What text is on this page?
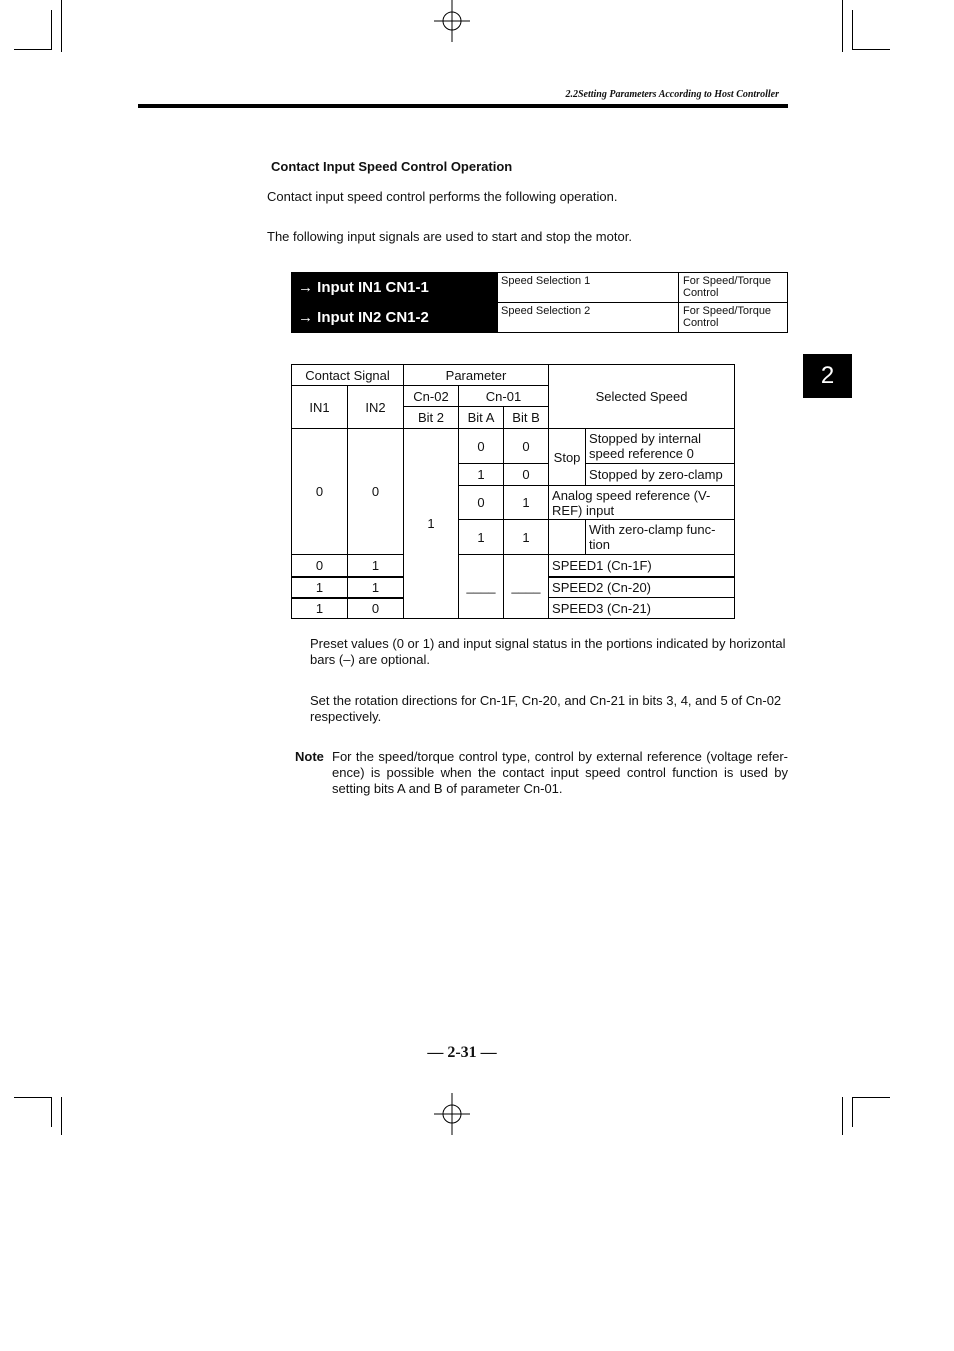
2.2Setting Parameters According to Host Controller
2
Contact Input Speed Control Operation
Contact input speed control performs the following operation.
The following input signals are used to start and stop the motor.
→ Input IN1 CN1-1	Speed Selection 1	For Speed/Torque Control
→ Input IN2 CN1-2	Speed Selection 2	For Speed/Torque Control
Contact Signal		Parameter			Selected Speed	
IN1	IN2	Cn-02	Cn-01			
		Bit 2	Bit A	Bit B		
0	0	1	0	0	Stop	Stopped by internal speed reference 0
			1	0		Stopped by zero-clamp
			0	1	Analog speed reference (V-REF) input	
			1	1		With zero-clamp func-tion
0	1		____	____	SPEED1 (Cn-1F)	
1	1				SPEED2 (Cn-20)	
1	0				SPEED3 (Cn-21)	
Preset values (0 or 1) and input signal status in the portions indicated by horizontal bars (–) are optional.
Set the rotation directions for Cn-1F, Cn-20, and Cn-21 in bits 3, 4, and 5 of Cn-02 respectively.
Note For the speed/torque control type, control by external reference (voltage refer-ence) is possible when the contact input speed control function is used by setting bits A and B of parameter Cn-01.
— 2-31 —
